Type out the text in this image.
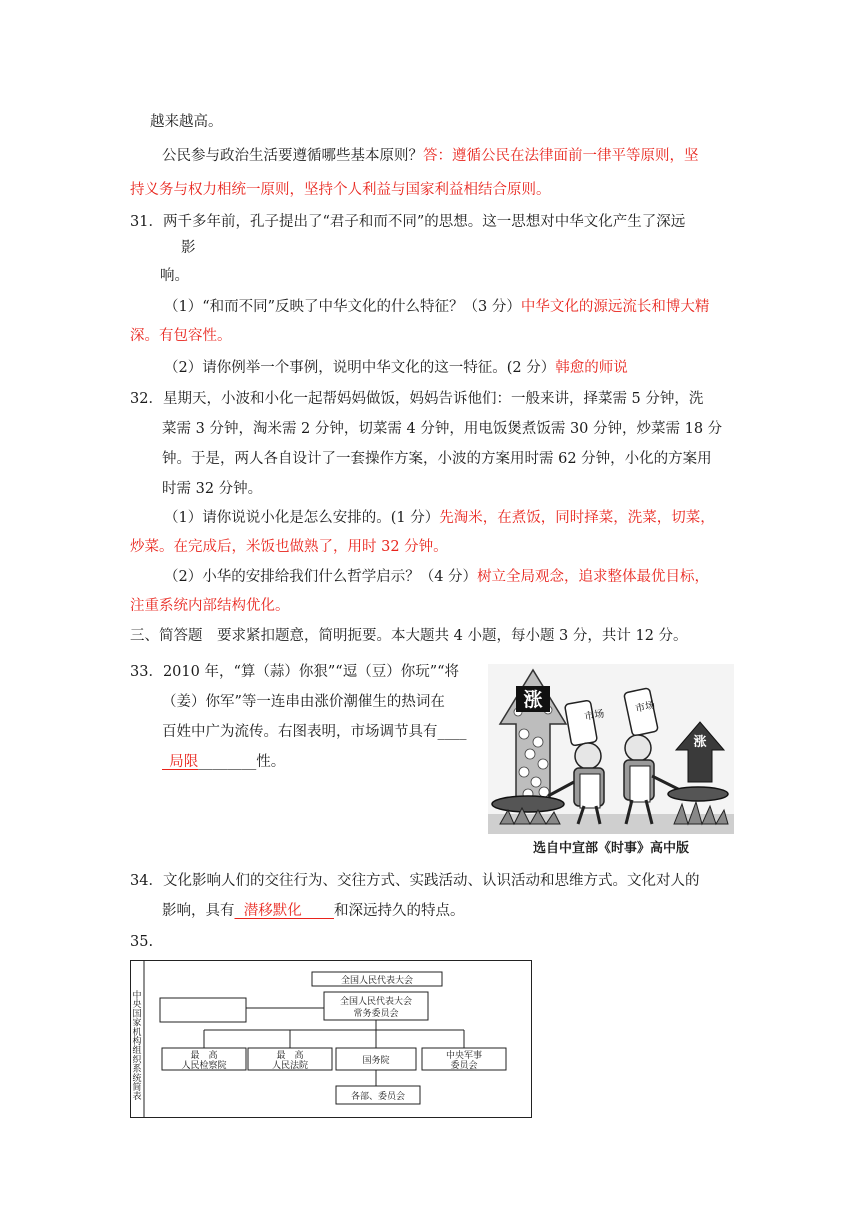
越来越高。
公民参与政治生活要遵循哪些基本原则？答：遵循公民在法律面前一律平等原则，坚
持义务与权力相统一原则，坚持个人利益与国家利益相结合原则。
31．两千多年前，孔子提出了“君子和而不同”的思想。这一思想对中华文化产生了深远
影
响。
（1）“和而不同”反映了中华文化的什么特征？（3 分）中华文化的源远流长和博大精
深。有包容性。
（2）请你例举一个事例，说明中华文化的这一特征。(2 分）韩愈的师说
32．星期天，小波和小化一起帮妈妈做饭，妈妈告诉他们：一般来讲，择菜需 5 分钟，洗
菜需 3 分钟，淘米需 2 分钟，切菜需 4 分钟，用电饭煲煮饭需 30 分钟，炒菜需 18 分
钟。于是，两人各自设计了一套操作方案，小波的方案用时需 62 分钟，小化的方案用
时需 32 分钟。
（1）请你说说小化是怎么安排的。(1 分）先淘米，在煮饭，同时择菜，洗菜，切菜，
炒菜。在完成后，米饭也做熟了，用时 32 分钟。
（2）小华的安排给我们什么哲学启示？（4 分）树立全局观念，追求整体最优目标，
注重系统内部结构优化。
三、简答题　要求紧扣题意，简明扼要。本大题共 4 小题，每小题 3 分，共计 12 分。
33．2010 年，“算（蒜）你狠”“逗（豆）你玩”“将
（姜）你军”等一连串由涨价潮催生的热词在
百姓中广为流传。右图表明，市场调节具有____
_局限________性。
涨
市场
市场
涨
选自中宣部《时事》高中版
34．文化影响人们的交往行为、交往方式、实践活动、认识活动和思维方式。文化对人的
影响，具有  潜移默化       和深远持久的特点。
35.
中央国家机构组织系统简表
全国人民代表大会
全国人民代表大会
常务委员会
最　高
人民检察院
最　高
人民法院	国务院	中央军事
委员会
各部、委员会
